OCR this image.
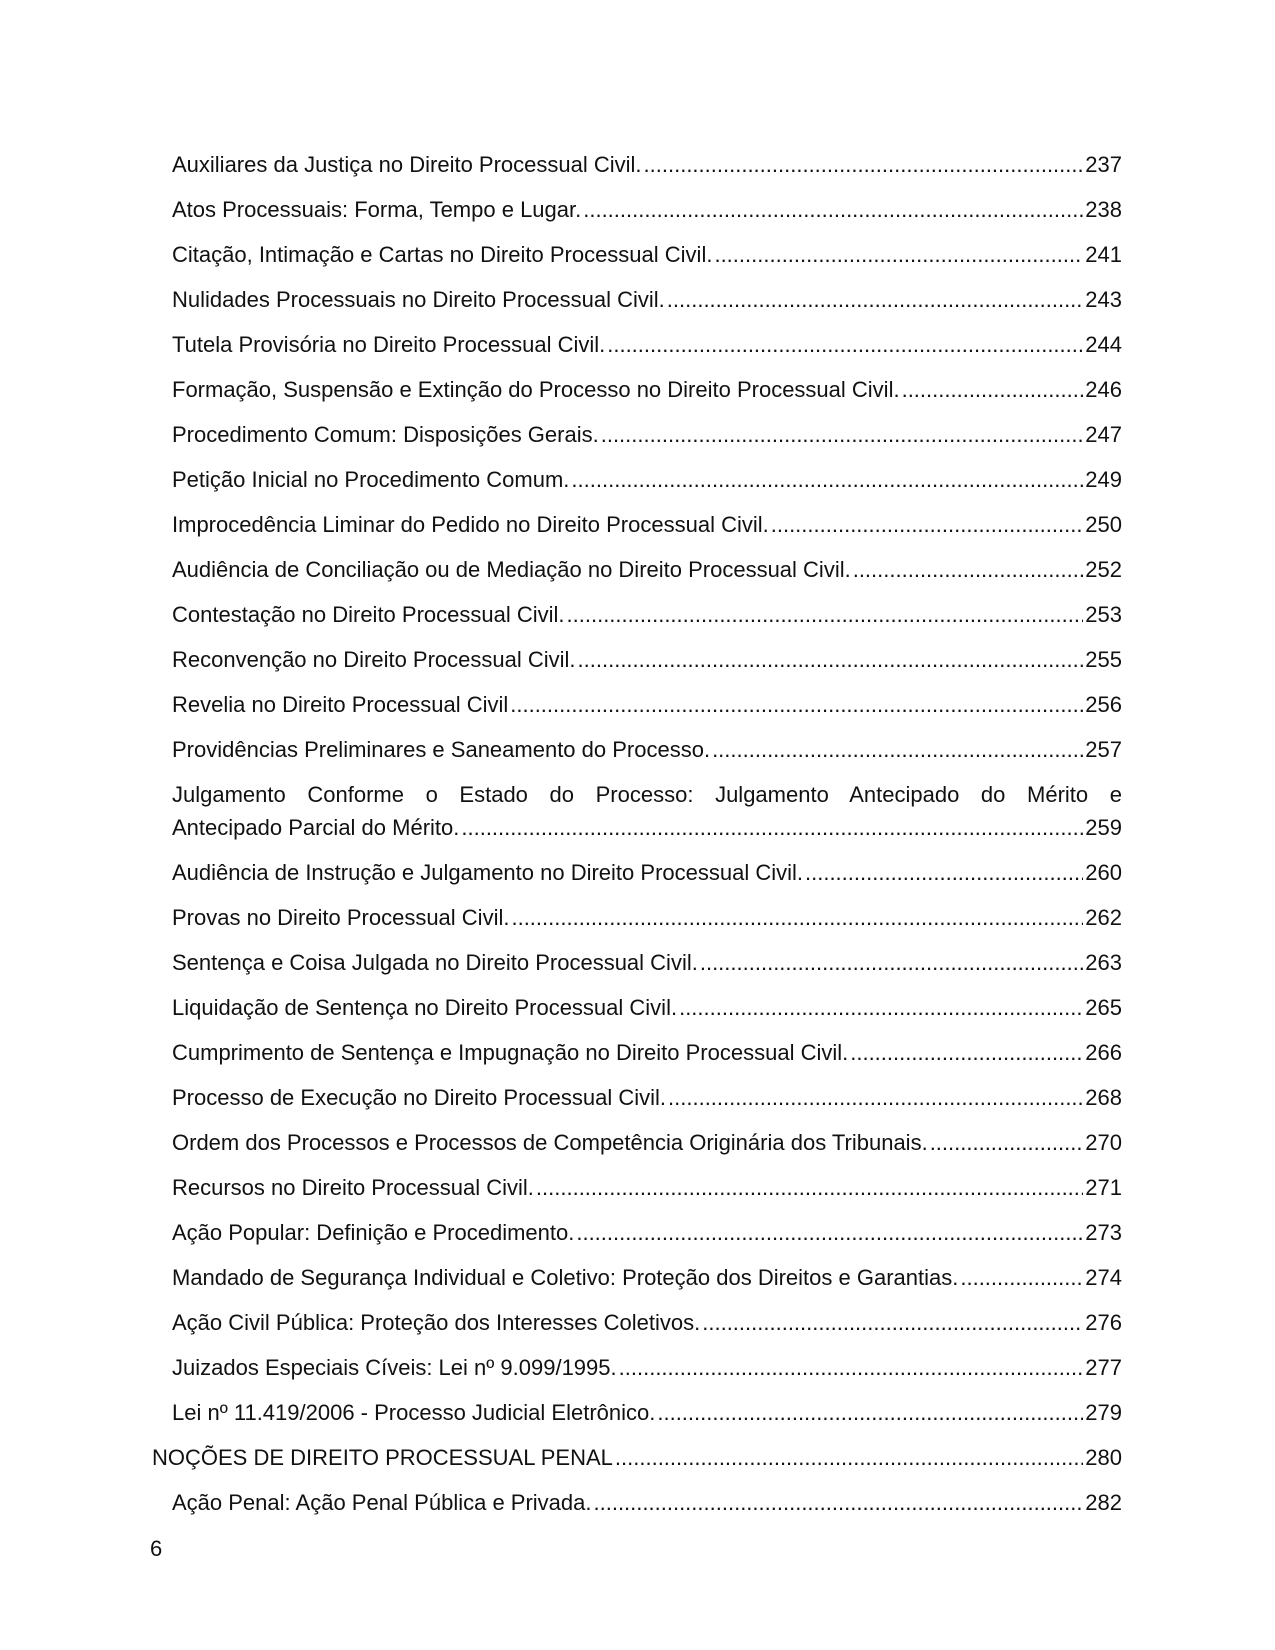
Auxiliares da Justiça no Direito Processual Civil. .....	237
Atos Processuais: Forma, Tempo e Lugar. .....	238
Citação, Intimação e Cartas no Direito Processual Civil. .....	241
Nulidades Processuais no Direito Processual Civil. .....	243
Tutela Provisória no Direito Processual Civil. .....	244
Formação, Suspensão e Extinção do Processo no Direito Processual Civil. .....	246
Procedimento Comum: Disposições Gerais. .....	247
Petição Inicial no Procedimento Comum. .....	249
Improcedência Liminar do Pedido no Direito Processual Civil. .....	250
Audiência de Conciliação ou de Mediação no Direito Processual Civil. .....	252
Contestação no Direito Processual Civil. .....	253
Reconvenção no Direito Processual Civil. .....	255
Revelia no Direito Processual Civil .....	256
Providências Preliminares e Saneamento do Processo. .....	257
Julgamento Conforme o Estado do Processo: Julgamento Antecipado do Mérito e
Antecipado Parcial do Mérito. .....	259
Audiência de Instrução e Julgamento no Direito Processual Civil. .....	260
Provas no Direito Processual Civil. .....	262
Sentença e Coisa Julgada no Direito Processual Civil. .....	263
Liquidação de Sentença no Direito Processual Civil. .....	265
Cumprimento de Sentença e Impugnação no Direito Processual Civil. .....	266
Processo de Execução no Direito Processual Civil. .....	268
Ordem dos Processos e Processos de Competência Originária dos Tribunais. .....	270
Recursos no Direito Processual Civil. .....	271
Ação Popular: Definição e Procedimento. .....	273
Mandado de Segurança Individual e Coletivo: Proteção dos Direitos e Garantias. .....	274
Ação Civil Pública: Proteção dos Interesses Coletivos. .....	276
Juizados Especiais Cíveis: Lei nº 9.099/1995. .....	277
Lei nº 11.419/2006 - Processo Judicial Eletrônico. .....	279
NOÇÕES DE DIREITO PROCESSUAL PENAL .....	280
Ação Penal: Ação Penal Pública e Privada. .....	282
6
